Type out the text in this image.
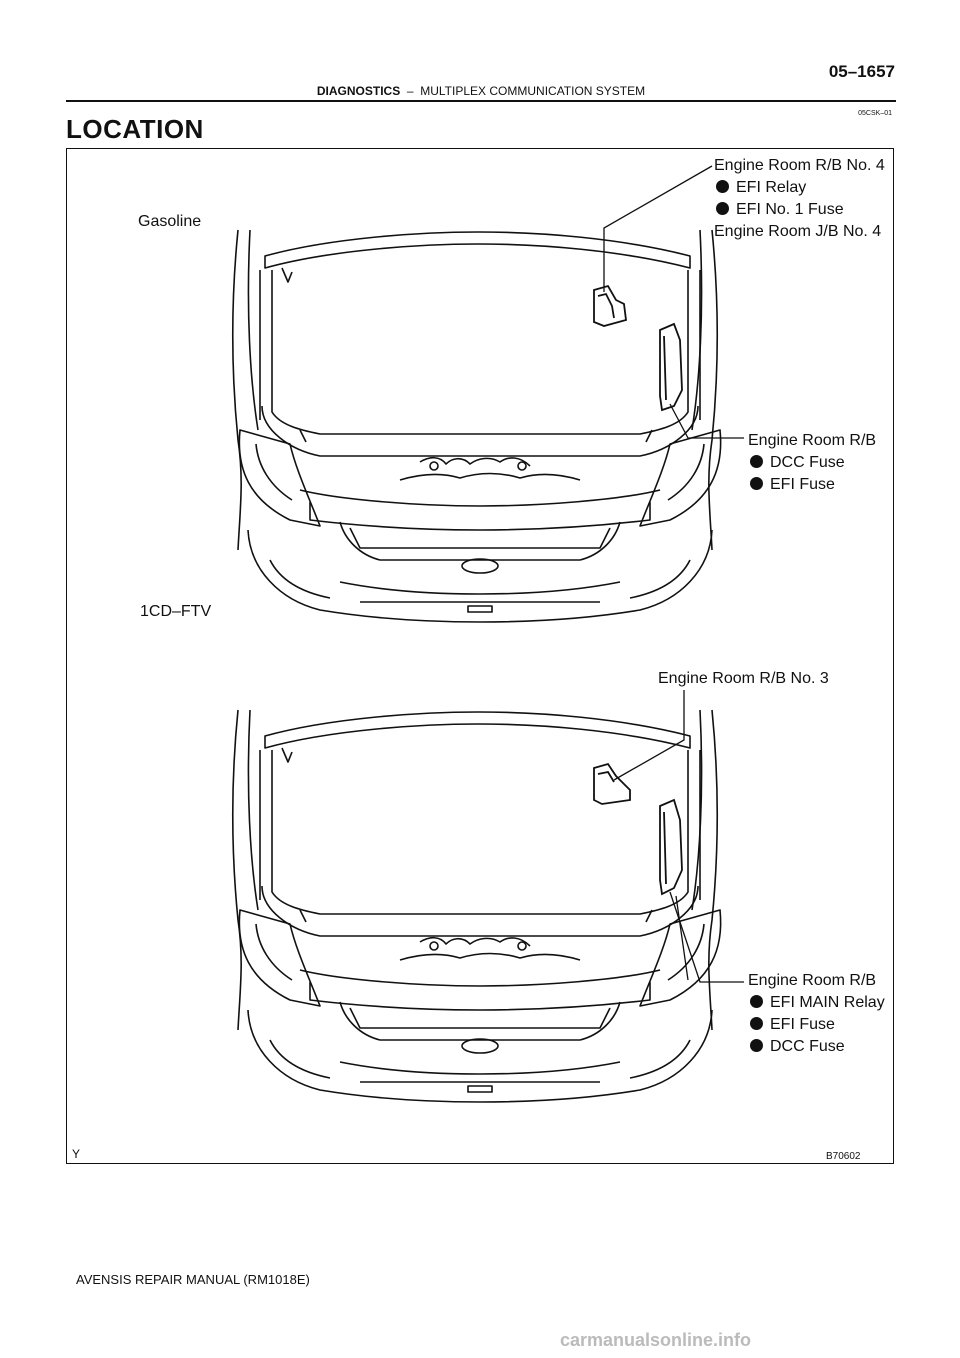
05–1657
DIAGNOSTICS – MULTIPLEX COMMUNICATION SYSTEM
05CSK–01
LOCATION
Gasoline
Engine Room R/B No. 4
EFI Relay
EFI No. 1 Fuse
Engine Room J/B No. 4
Engine Room R/B
DCC Fuse
EFI Fuse
1CD–FTV
Engine Room R/B No. 3
Engine Room R/B
EFI MAIN Relay
EFI Fuse
DCC Fuse
Y	B70602
AVENSIS REPAIR MANUAL (RM1018E)
carmanualsonline.info
